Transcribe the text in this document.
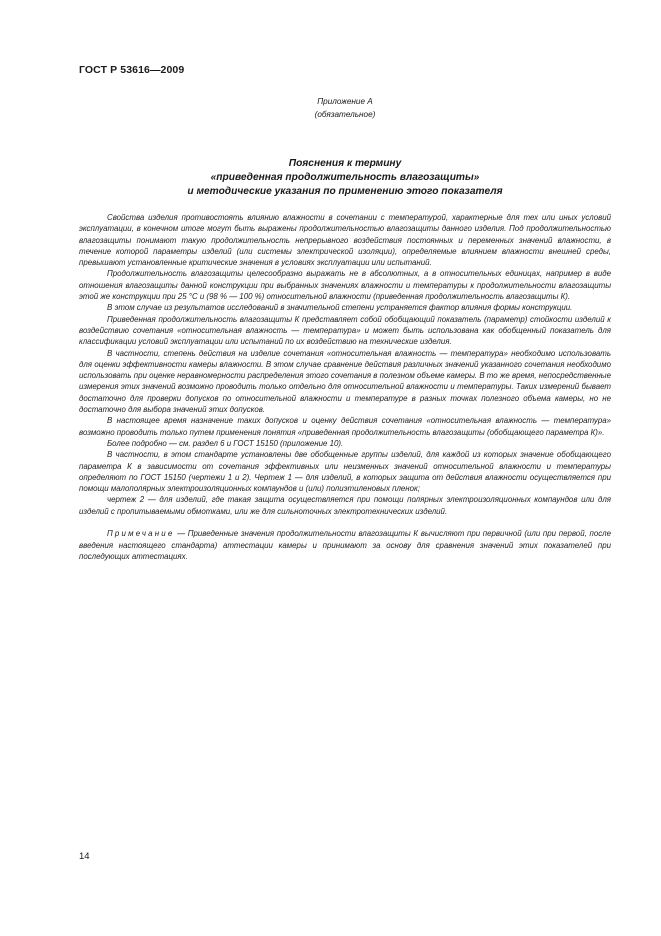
ГОСТ Р 53616—2009
Приложение А
(обязательное)
Пояснения к термину
«приведенная продолжительность влагозащиты»
и методические указания по применению этого показателя

Свойства изделия противостоять влиянию влажности в сочетании с температурой, характерные для тех или иных условий эксплуатации, в конечном итоге могут быть выражены продолжительностью влагозащиты данного изделия. Под продолжительностью влагозащиты понимают такую продолжительность непрерывного воздействия постоянных и переменных значений влажности, в течение которой параметры изделий (или системы электрической изоляции), определяемые влиянием влажности внешней среды, превышают установленные критические значения в условиях эксплуатации или испытаний.

Продолжительность влагозащиты целесообразно выражать не в абсолютных, а в относительных единицах, например в виде отношения влагозащиты данной конструкции при выбранных значениях влажности и температуры к продолжительности влагозащиты этой же конструкции при 25 °С и (98 % — 100 %) относительной влажности (приведенная продолжительность влагозащиты К).

В этом случае из результатов исследований в значительной степени устраняется фактор влияния формы конструкции.

Приведенная продолжительность влагозащиты К представляет собой обобщающий показатель (параметр) стойкости изделий к воздействию сочетания «относительная влажность — температура» и может быть использована как обобщенный показатель для классификации условий эксплуатации или испытаний по их воздействию на технические изделия.

В частности, степень действия на изделие сочетания «относительная влажность — температура» необходимо использовать для оценки эффективности камеры влажности. В этом случае сравнение действия различных значений указанного сочетания необходимо использовать при оценке неравномерности распределения этого сочетания в полезном объеме камеры. В то же время, непосредственные измерения этих значений возможно проводить только отдельно для относительной влажности и температуры. Таких измерений бывает достаточно для проверки допусков по относительной влажности и температуре в разных точках полезного объема камеры, но не достаточно для выбора значений этих допусков.

В настоящее время назначение таких допусков и оценку действия сочетания «относительная влажность — температура» возможно проводить только путем применения понятия «приведенная продолжительность влагозащиты (обобщающего параметра К)».

Более подробно — см. раздел 6 и ГОСТ 15150 (приложение 10).

В частности, в этом стандарте установлены две обобщенные группы изделий, для каждой из которых значение обобщающего параметра К в зависимости от сочетания эффективных или неизменных значений относительной влажности и температуры определяют по ГОСТ 15150 (чертежи 1 и 2). Чертеж 1 — для изделий, в которых защита от действия влажности осуществляется при помощи малополярных электроизоляционных компаундов и (или) полиэтиленовых пленок;

чертеж 2 — для изделий, где такая защита осуществляется при помощи полярных электроизоляционных компаундов или для изделий с пропитываемыми обмотками, или же для сильноточных электротехнических изделий.

Примечание — Приведенные значения продолжительности влагозащиты К вычисляют при первичной (или при первой, после введения настоящего стандарта) аттестации камеры и принимают за основу для сравнения значений этих показателей при последующих аттестациях.

14
